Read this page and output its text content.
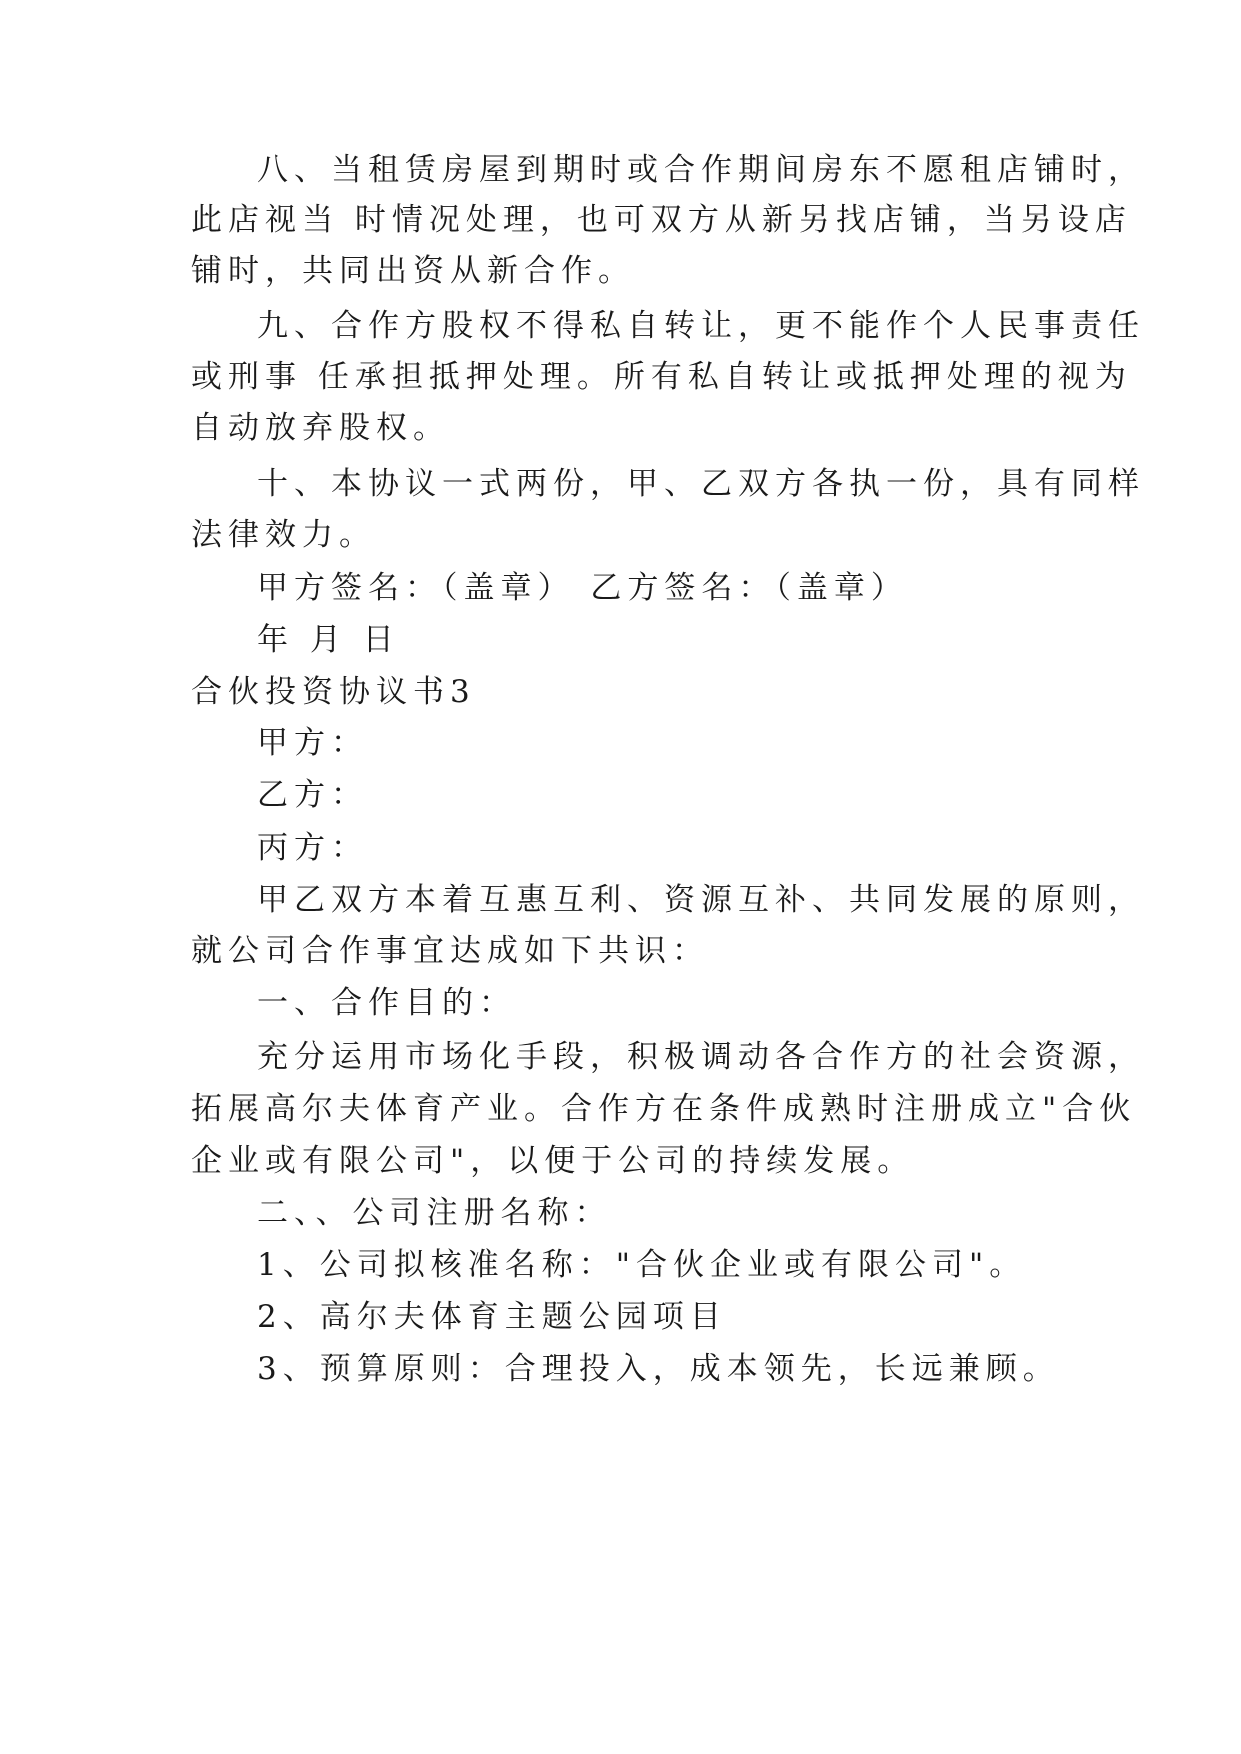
八、当租赁房屋到期时或合作期间房东不愿租店铺时，

此店视当 时情况处理，也可双方从新另找店铺，当另设店

铺时，共同出资从新合作。

九、合作方股权不得私自转让，更不能作个人民事责任

或刑事 任承担抵押处理。所有私自转让或抵押处理的视为

自动放弃股权。

十、本协议一式两份，甲、乙双方各执一份，具有同样

法律效力。

甲方签名：（盖章） 乙方签名：（盖章）

年 月 日

合伙投资协议书3

甲方：

乙方：

丙方：

甲乙双方本着互惠互利、资源互补、共同发展的原则，

就公司合作事宜达成如下共识：

一、合作目的：

充分运用市场化手段，积极调动各合作方的社会资源，

拓展高尔夫体育产业。合作方在条件成熟时注册成立"合伙

企业或有限公司"，以便于公司的持续发展。

二、、公司注册名称：

1、公司拟核准名称："合伙企业或有限公司"。

2、高尔夫体育主题公园项目

3、预算原则：合理投入，成本领先，长远兼顾。
